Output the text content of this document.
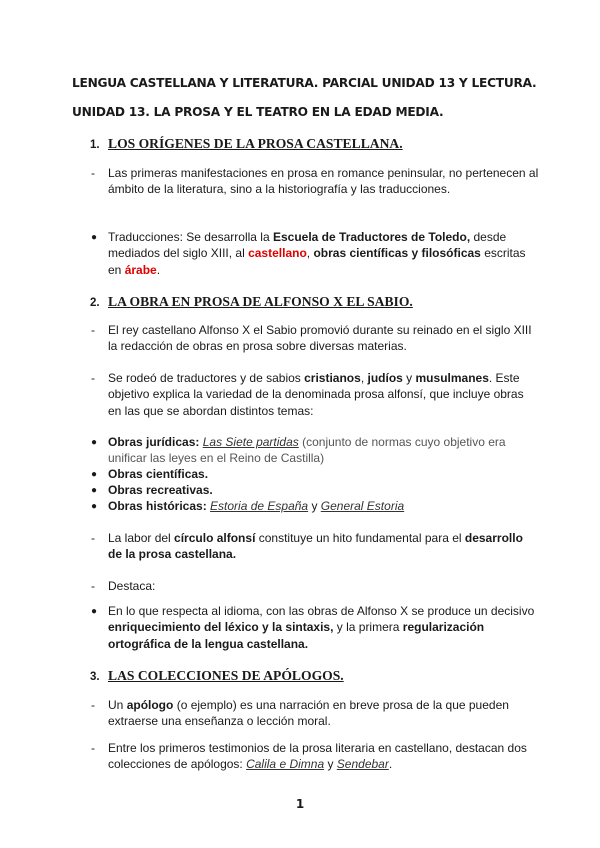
LENGUA CASTELLANA Y LITERATURA. PARCIAL UNIDAD 13 Y LECTURA.
UNIDAD 13. LA PROSA Y EL TEATRO EN LA EDAD MEDIA.
1. LOS ORÍGENES DE LA PROSA CASTELLANA.
-	Las primeras manifestaciones en prosa en romance peninsular, no pertenecen al ámbito de la literatura, sino a la historiografía y las traducciones.
● Traducciones: Se desarrolla la Escuela de Traductores de Toledo, desde mediados del siglo XIII, al castellano, obras científicas y filosóficas escritas en árabe.
2. LA OBRA EN PROSA DE ALFONSO X EL SABIO.
-	El rey castellano Alfonso X el Sabio promovió durante su reinado en el siglo XIII la redacción de obras en prosa sobre diversas materias.
-	Se rodeó de traductores y de sabios cristianos, judíos y musulmanes. Este objetivo explica la variedad de la denominada prosa alfonsí, que incluye obras en las que se abordan distintos temas:
● Obras jurídicas: Las Siete partidas (conjunto de normas cuyo objetivo era unificar las leyes en el Reino de Castilla)
● Obras científicas.
● Obras recreativas.
● Obras históricas: Estoria de España y General Estoria
-	La labor del círculo alfonsí constituye un hito fundamental para el desarrollo de la prosa castellana.
-	Destaca:
● En lo que respecta al idioma, con las obras de Alfonso X se produce un decisivo enriquecimiento del léxico y la sintaxis, y la primera regularización ortográfica de la lengua castellana.
3. LAS COLECCIONES DE APÓLOGOS.
-	Un apólogo (o ejemplo) es una narración en breve prosa de la que pueden extraerse una enseñanza o lección moral.
-	Entre los primeros testimonios de la prosa literaria en castellano, destacan dos colecciones de apólogos: Calila e Dimna y Sendebar.
1
